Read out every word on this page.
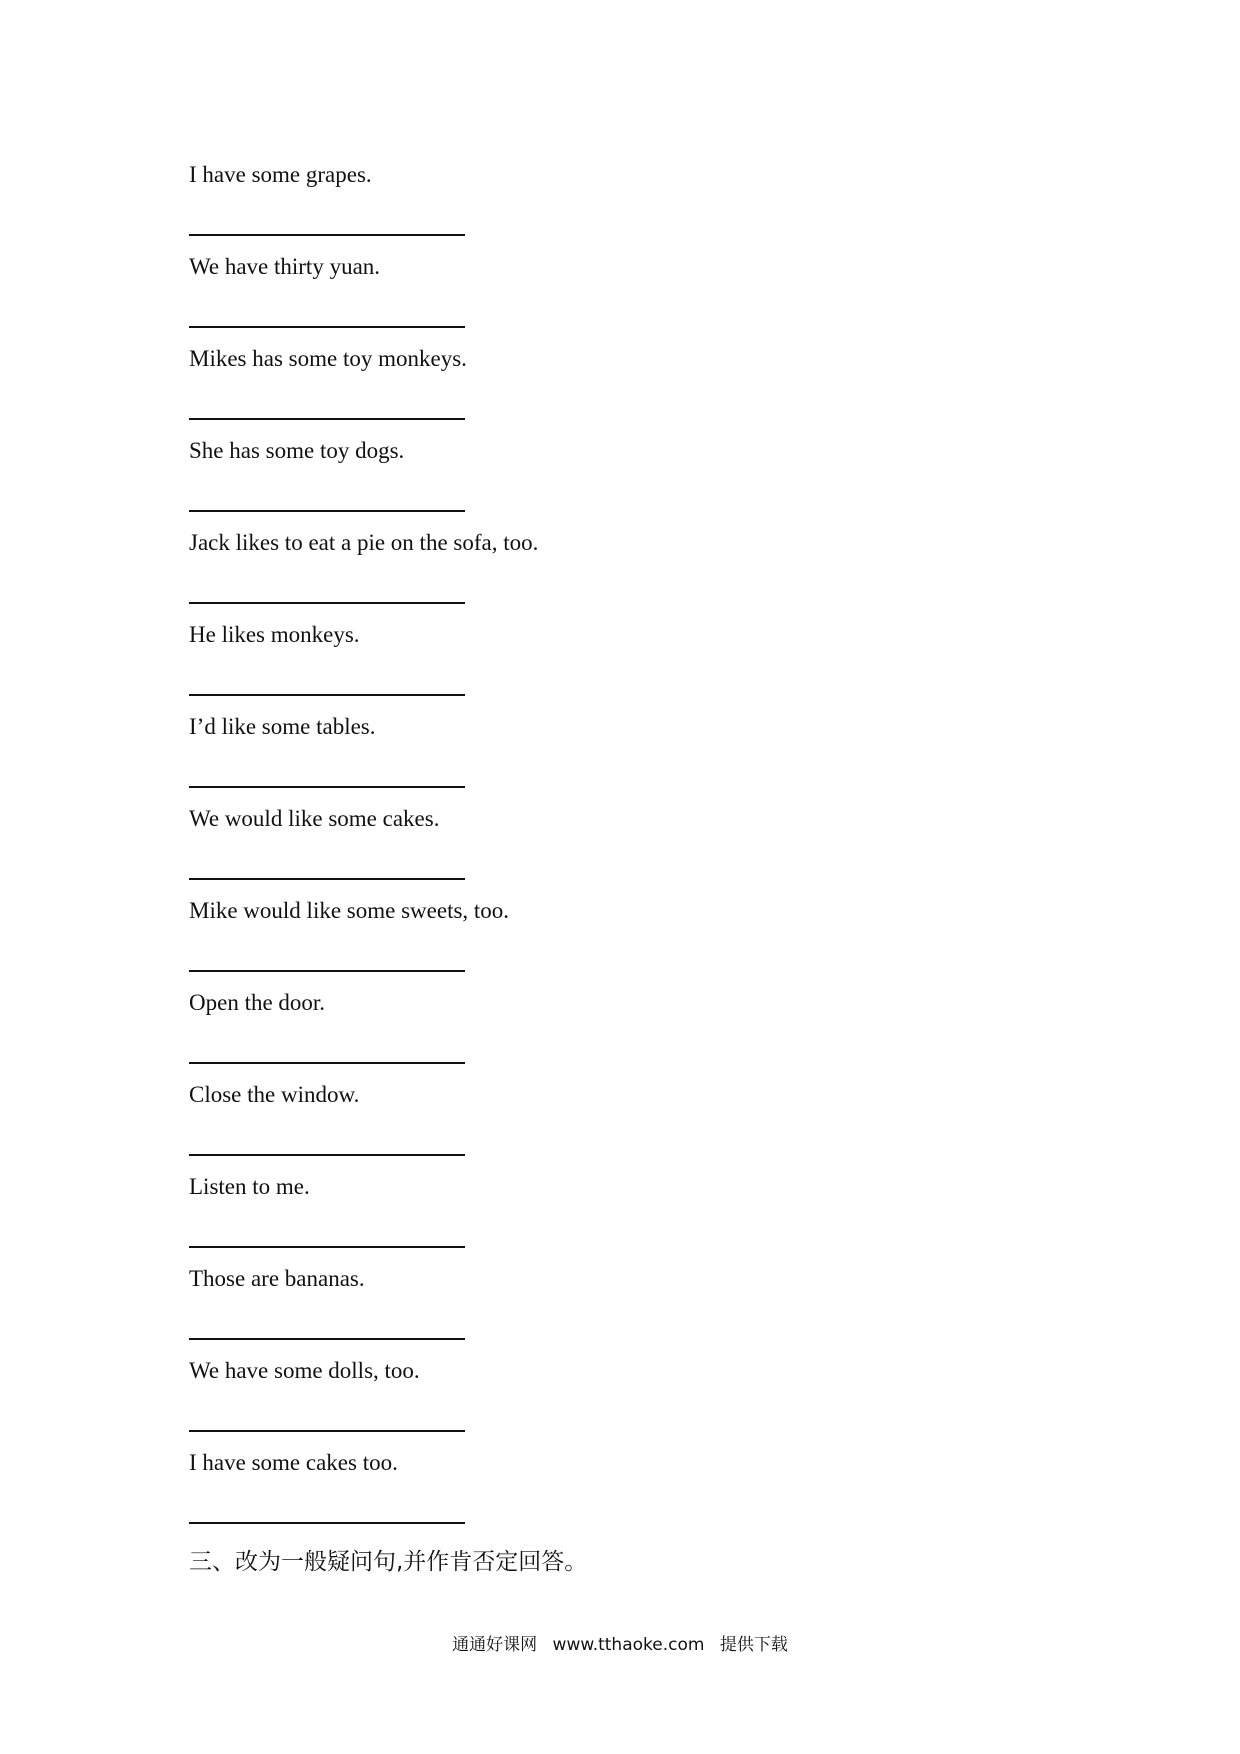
I have some grapes.
We have thirty yuan.
Mikes has some toy monkeys.
She has some toy dogs.
Jack likes to eat a pie on the sofa, too.
He likes monkeys.
I’d like some tables.
We would like some cakes.
Mike would like some sweets, too.
Open the door.
Close the window.
Listen to me.
Those are bananas.
We have some dolls, too.
I have some cakes too.
三、改为一般疑问句,并作肯否定回答。
通通好课网 www.tthaoke.com 提供下载
